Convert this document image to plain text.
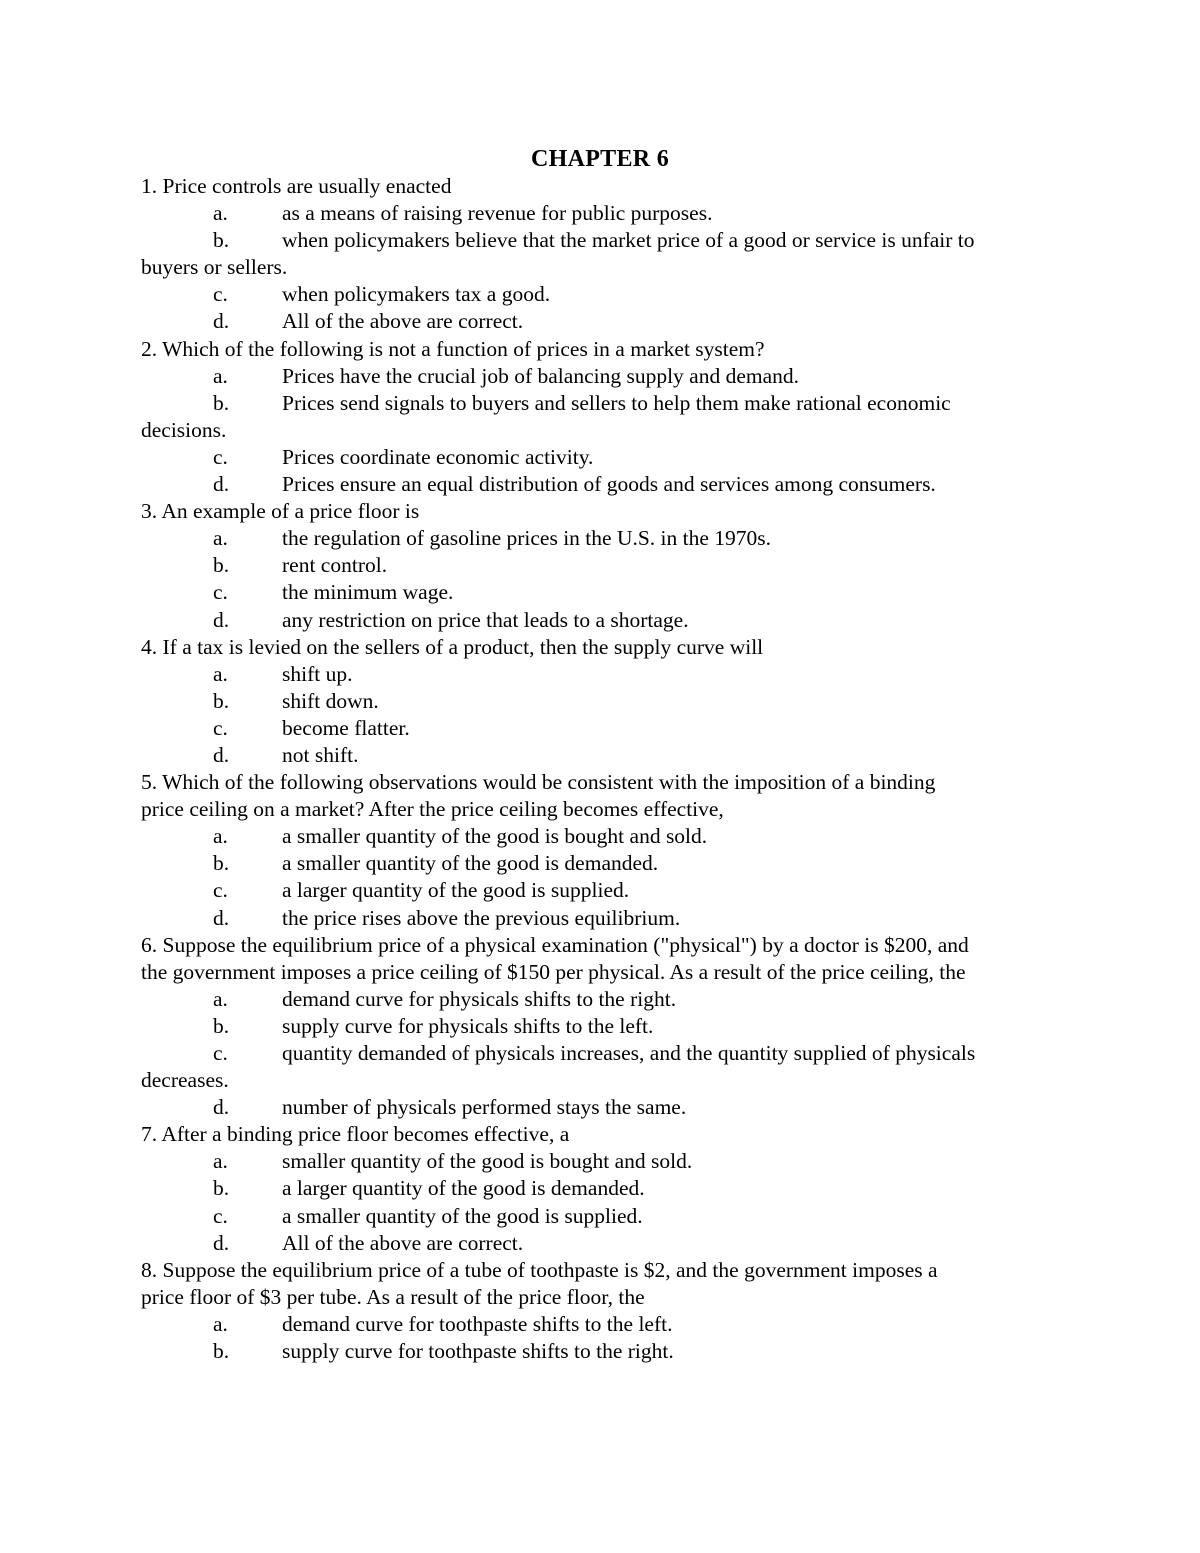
CHAPTER 6
1. Price controls are usually enacted
a.	as a means of raising revenue for public purposes.
b. when policymakers believe that the market price of a good or service is unfair to
buyers or sellers.
c.	when policymakers tax a good.
d. All of the above are correct.
2. Which of the following is not a function of prices in a market system?
a.	Prices have the crucial job of balancing supply and demand.
b. Prices send signals to buyers and sellers to help them make rational economic
decisions.
c.	Prices coordinate economic activity.
d. Prices ensure an equal distribution of goods and services among consumers.
3. An example of a price floor is
a.	the regulation of gasoline prices in the U.S. in the 1970s.
b. rent control.
c.	the minimum wage.
d. any restriction on price that leads to a shortage.
4. If a tax is levied on the sellers of a product, then the supply curve will
a.	shift up.
b. shift down.
c.	become flatter.
d. not shift.
5. Which of the following observations would be consistent with the imposition of a binding
price ceiling on a market? After the price ceiling becomes effective,
a.	a smaller quantity of the good is bought and sold.
b. a smaller quantity of the good is demanded.
c.	a larger quantity of the good is supplied.
d. the price rises above the previous equilibrium.
6. Suppose the equilibrium price of a physical examination ("physical") by a doctor is $200, and
the government imposes a price ceiling of $150 per physical. As a result of the price ceiling, the
a.	demand curve for physicals shifts to the right.
b. supply curve for physicals shifts to the left.
c.	quantity demanded of physicals increases, and the quantity supplied of physicals
decreases.
d. number of physicals performed stays the same.
7. After a binding price floor becomes effective, a
a.	smaller quantity of the good is bought and sold.
b. a larger quantity of the good is demanded.
c.	a smaller quantity of the good is supplied.
d. All of the above are correct.
8. Suppose the equilibrium price of a tube of toothpaste is $2, and the government imposes a
price floor of $3 per tube. As a result of the price floor, the
a.	demand curve for toothpaste shifts to the left.
b. supply curve for toothpaste shifts to the right.
